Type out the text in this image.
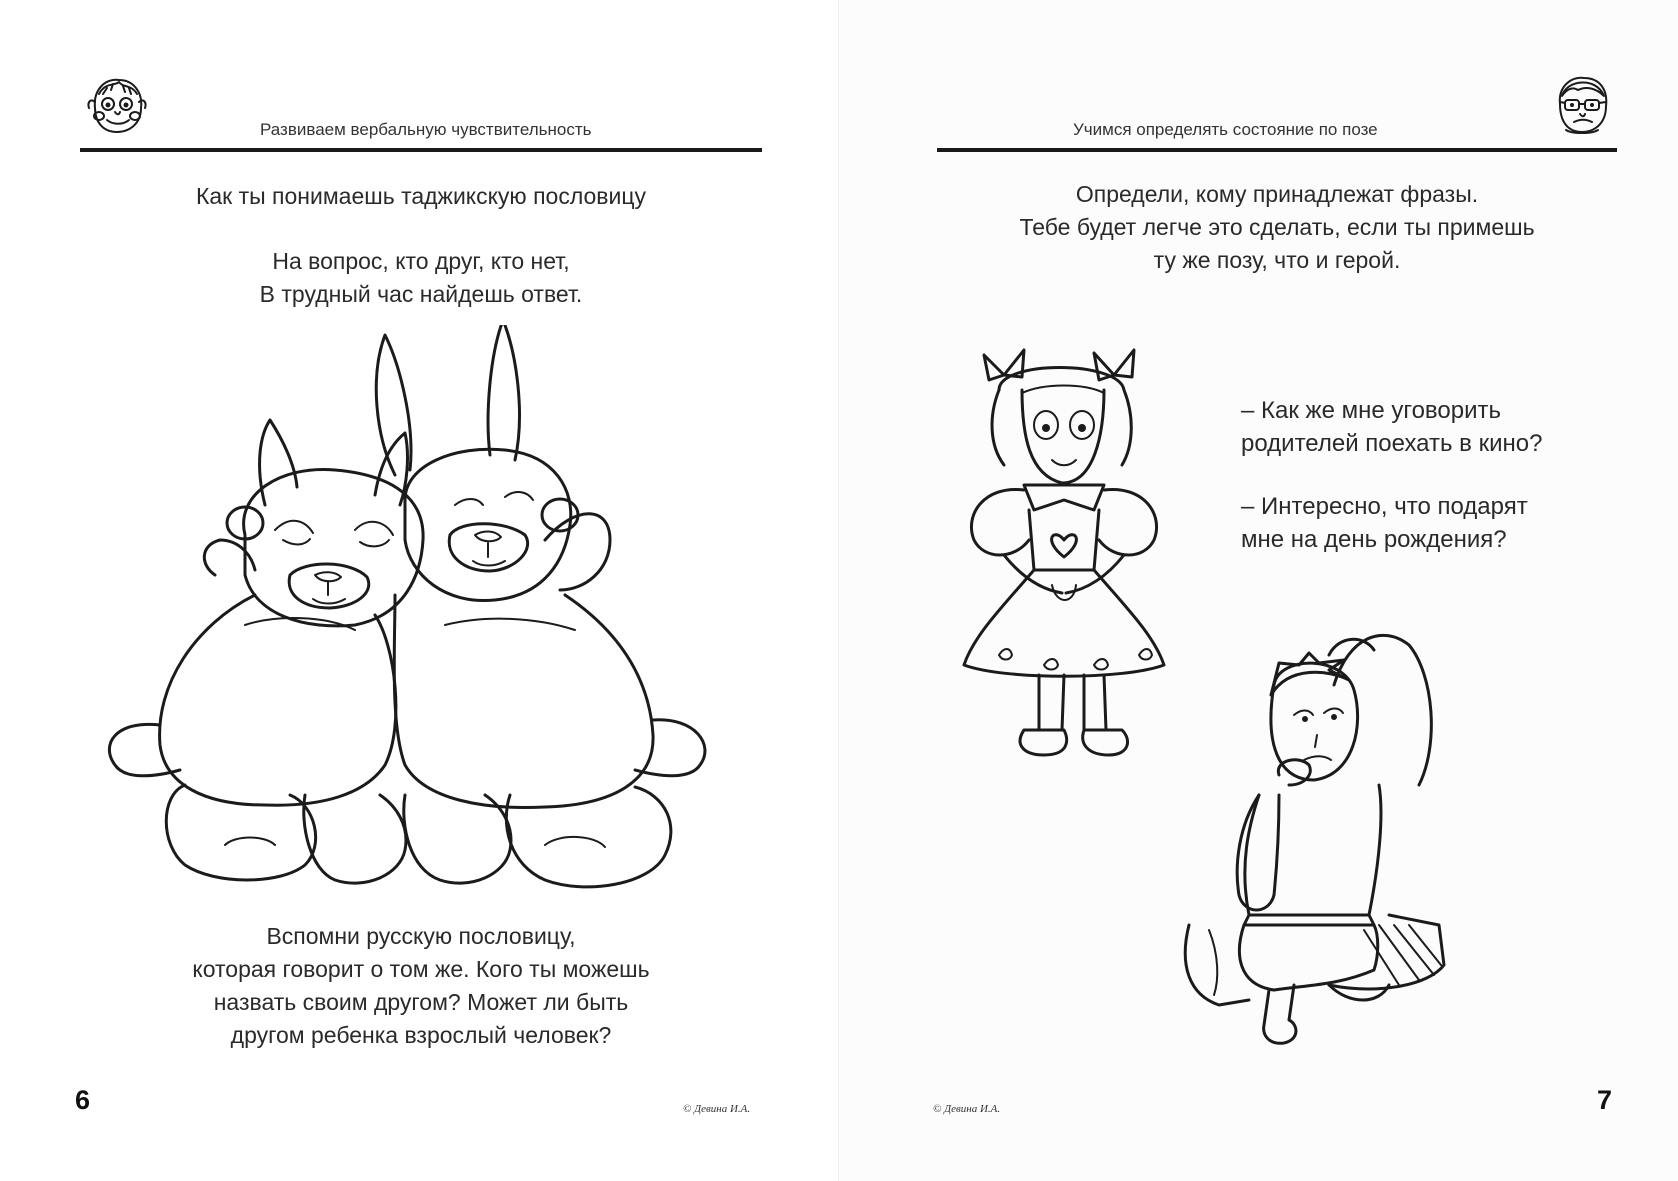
Развиваем вербальную чувствительность
Как ты понимаешь таджикскую пословицу
На вопрос, кто друг, кто нет,
В трудный час найдешь ответ.
Вспомни русскую пословицу,
которая говорит о том же. Кого ты можешь
назвать своим другом? Может ли быть
другом ребенка взрослый человек?
6	© Девина И.А.
Учимся определять состояние по позе
Определи, кому принадлежат фразы.
Тебе будет легче это сделать, если ты примешь
ту же позу, что и герой.
– Как же мне уговорить
родителей поехать в кино?
– Интересно, что подарят
мне на день рождения?
© Девина И.А.	7
